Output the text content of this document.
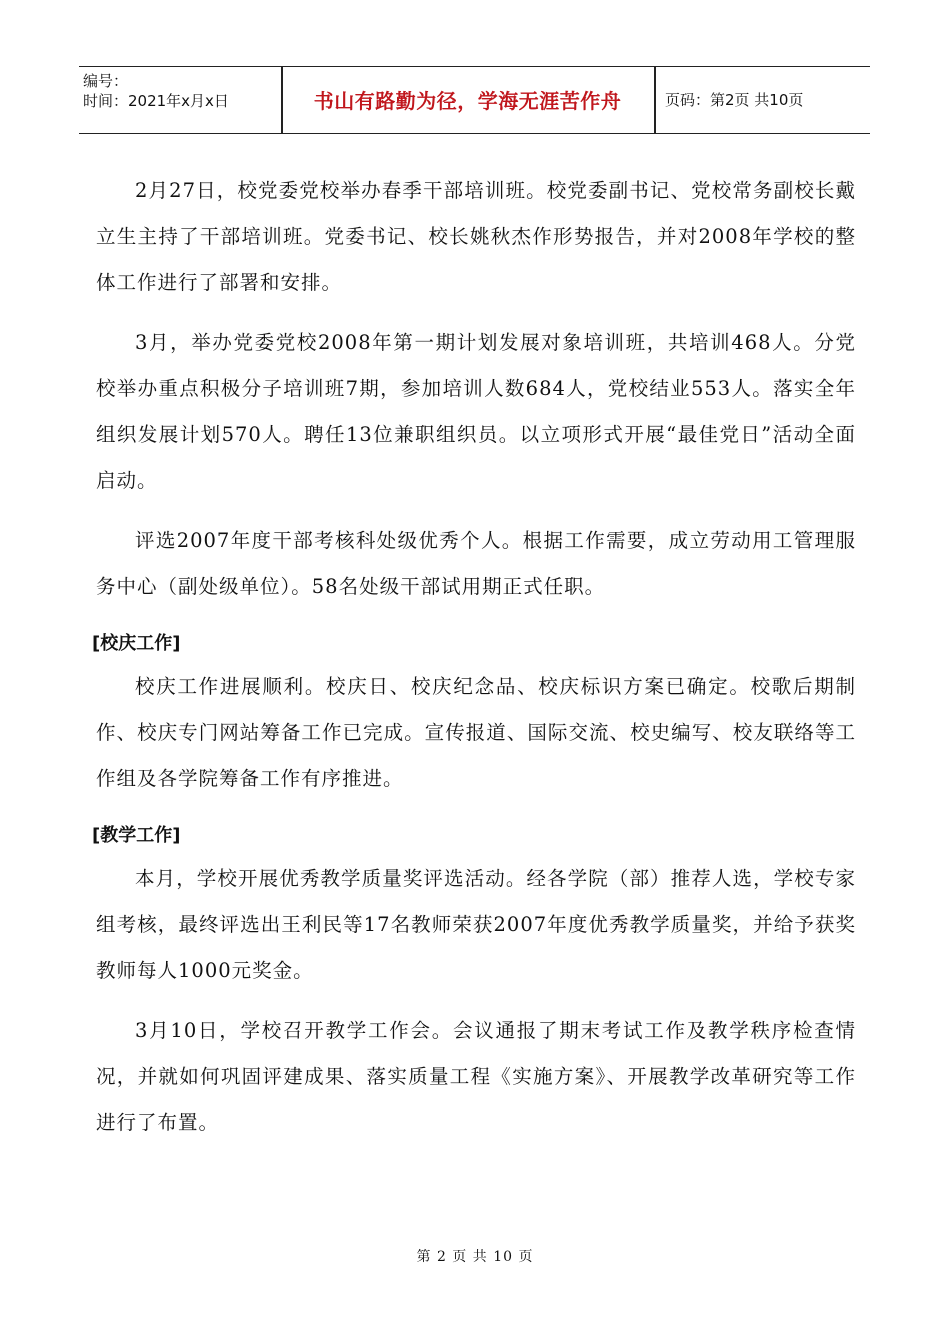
编号：
时间：2021年x月x日	书山有路勤为径，学海无涯苦作舟	页码：第2页 共10页

2月27日，校党委党校举办春季干部培训班。校党委副书记、党校常务副校长戴立生主持了干部培训班。党委书记、校长姚秋杰作形势报告，并对2008年学校的整体工作进行了部署和安排。

3月，举办党委党校2008年第一期计划发展对象培训班，共培训468人。分党校举办重点积极分子培训班7期，参加培训人数684人，党校结业553人。落实全年组织发展计划570人。聘任13位兼职组织员。以立项形式开展“最佳党日”活动全面启动。

评选2007年度干部考核科处级优秀个人。根据工作需要，成立劳动用工管理服务中心（副处级单位）。58名处级干部试用期正式任职。

[校庆工作]

校庆工作进展顺利。校庆日、校庆纪念品、校庆标识方案已确定。校歌后期制作、校庆专门网站筹备工作已完成。宣传报道、国际交流、校史编写、校友联络等工作组及各学院筹备工作有序推进。

[教学工作]

本月，学校开展优秀教学质量奖评选活动。经各学院（部）推荐人选，学校专家组考核，最终评选出王利民等17名教师荣获2007年度优秀教学质量奖，并给予获奖教师每人1000元奖金。

3月10日，学校召开教学工作会。会议通报了期末考试工作及教学秩序检查情况，并就如何巩固评建成果、落实质量工程《实施方案》、开展教学改革研究等工作进行了布置。

第 2 页 共 10 页
